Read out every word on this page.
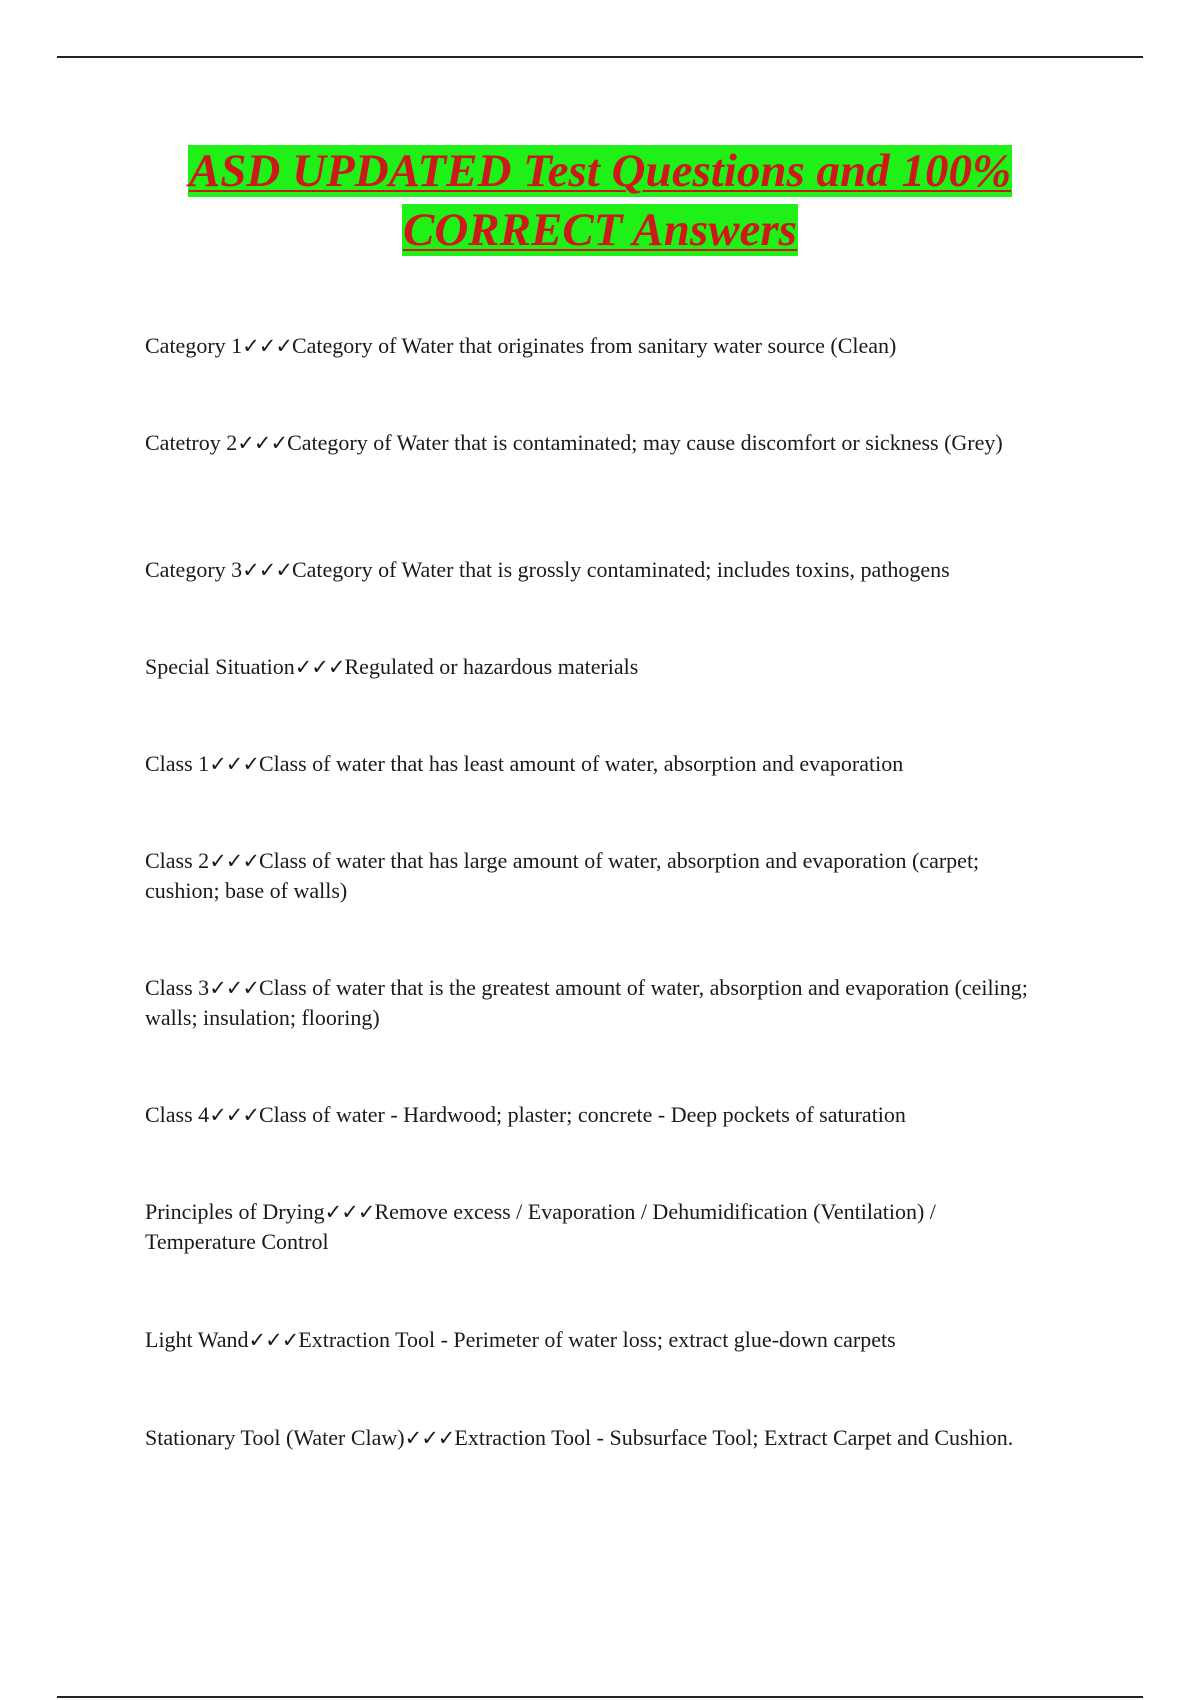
ASD UPDATED Test Questions and 100% CORRECT Answers

Category 1✓✓✓Category of Water that originates from sanitary water source (Clean)

Catetroy 2✓✓✓Category of Water that is contaminated; may cause discomfort or sickness (Grey)

Category 3✓✓✓Category of Water that is grossly contaminated; includes toxins, pathogens

Special Situation✓✓✓Regulated or hazardous materials

Class 1✓✓✓Class of water that has least amount of water, absorption and evaporation

Class 2✓✓✓Class of water that has large amount of water, absorption and evaporation (carpet; cushion; base of walls)

Class 3✓✓✓Class of water that is the greatest amount of water, absorption and evaporation (ceiling; walls; insulation; flooring)

Class 4✓✓✓Class of water - Hardwood; plaster; concrete - Deep pockets of saturation

Principles of Drying✓✓✓Remove excess / Evaporation / Dehumidification (Ventilation) / Temperature Control

Light Wand✓✓✓Extraction Tool - Perimeter of water loss; extract glue-down carpets

Stationary Tool (Water Claw)✓✓✓Extraction Tool - Subsurface Tool; Extract Carpet and Cushion.
